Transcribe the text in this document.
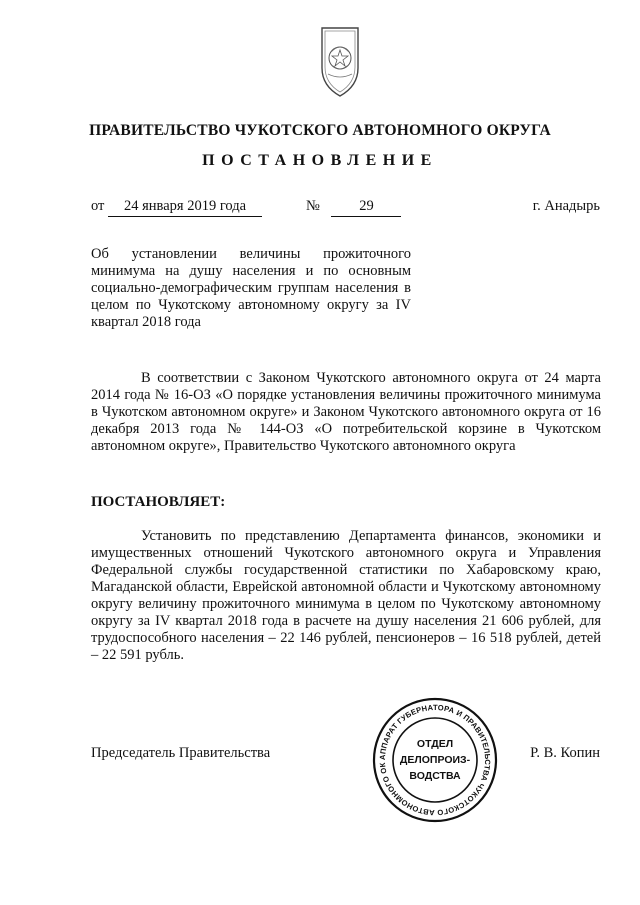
ПРАВИТЕЛЬСТВО ЧУКОТСКОГО АВТОНОМНОГО ОКРУГА
ПОСТАНОВЛЕНИЕ
от 24 января 2019 года	№	29	г. Анадырь
Об установлении величины прожиточного минимума на душу населения и по основным социально-демографическим группам населения в целом по Чукотскому автономному округу за IV квартал 2018 года

В соответствии с Законом Чукотского автономного округа от 24 марта 2014 года № 16-ОЗ «О порядке установления величины прожиточного минимума в Чукотском автономном округе» и Законом Чукотского автономного округа от 16 декабря 2013 года № 144-ОЗ «О потребительской корзине в Чукотском автономном округе», Правительство Чукотского автономного округа

ПОСТАНОВЛЯЕТ:

Установить по представлению Департамента финансов, экономики и имущественных отношений Чукотского автономного округа и Управления Федеральной службы государственной статистики по Хабаровскому краю, Магаданской области, Еврейской автономной области и Чукотскому автономному округу величину прожиточного минимума в целом по Чукотскому автономному округу за IV квартал 2018 года в расчете на душу населения 21 606 рублей, для трудоспособного населения – 22 146 рублей, пенсионеров – 16 518 рублей, детей – 22 591 рубль.

Председатель Правительства	Р. В. Копин
АППАРАТ ГУБЕРНАТОРА И ПРАВИТЕЛЬСТВА ЧУКОТСКОГО АВТОНОМНОГО ОК
ОТДЕЛ
ДЕЛОПРОИЗ-
ВОДСТВА
